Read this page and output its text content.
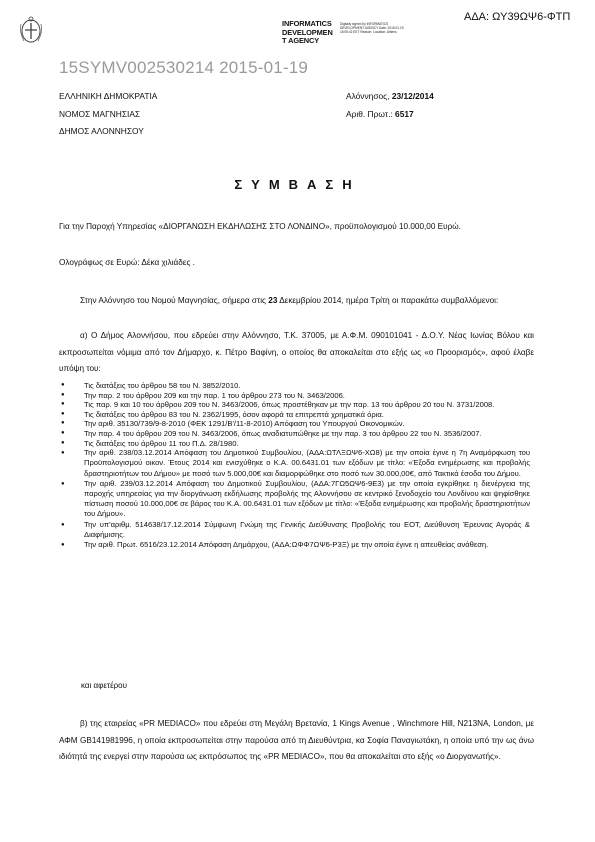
ΑΔΑ: ΩΥ39ΩΨ6-ΦΤΠ
INFORMATICS
DEVELOPMEN
T AGENCY
Digitally signed by INFORMATICS DEVELOPMENT AGENCY Date: 2015.01.19 16:05:42 EET Reason: Location: Athens
15SYMV002530214 2015-01-19
ΕΛΛΗΝΙΚΗ ΔΗΜΟΚΡΑΤΙΑ
ΝΟΜΟΣ ΜΑΓΝΗΣΙΑΣ
ΔΗΜΟΣ ΑΛΟΝΝΗΣΟΥ
Αλόννησος, 23/12/2014
Αριθ. Πρωτ.: 6517
ΣΥΜΒΑΣΗ
Για την Παροχή Υπηρεσίας «ΔΙΟΡΓΑΝΩΣΗ ΕΚΔΗΛΩΣΗΣ ΣΤΟ ΛΟΝΔΙΝΟ», προϋπολογισμού 10.000,00 Ευρώ.
Ολογράφως σε Ευρώ: Δέκα χιλιάδες .
Στην Αλόννησο του Νομού Μαγνησίας, σήμερα στις 23 Δεκεμβρίου 2014, ημέρα Τρίτη οι παρακάτω συμβαλλόμενοι:
α) Ο Δήμος Αλοννήσου, που εδρεύει στην Αλόννησο, Τ.Κ. 37005, με Α.Φ.Μ. 090101041 - Δ.Ο.Υ. Νέας Ιωνίας Βόλου και εκπροσωπείται νόμιμα από τον Δήμαρχο, κ. Πέτρο Βαφίνη, ο οποίος θα αποκαλείται στο εξής ως «ο Προορισμός», αφού έλαβε υπόψη του:
● Τις διατάξεις του άρθρου 58 του Ν. 3852/2010.
● Την παρ. 2 του άρθρου 209 και την παρ. 1 του άρθρου 273 του Ν. 3463/2006.
● Τις παρ. 9 και 10 του άρθρου 209 του Ν. 3463/2006, όπως προστέθηκαν με την παρ. 13 του άρθρου 20 του Ν. 3731/2008.
● Τις διατάξεις του άρθρου 83 του Ν. 2362/1995, όσον αφορά τα επιτρεπτά χρηματικά όρια.
● Την αριθ. 35130/739/9-8-2010 (ΦΕΚ 1291/Β'/11-8-2010) Απόφαση του Υπουργού Οικονομικών.
● Την παρ. 4 του άρθρου 209 του Ν. 3463/2006, όπως αναδιατυπώθηκε με την παρ. 3 του άρθρου 22 του Ν. 3536/2007.
● Τις διατάξεις του άρθρου 11 του Π.Δ. 28/1980.
● Την αριθ. 238/03.12.2014 Απόφαση του Δημοτικού Συμβουλίου, (ΑΔΑ:ΩΤΛΞΩΨ6-ΧΩ8) με την οποία έγινε η 7η Αναμόρφωση του Προϋπολογισμού οικον. Έτους 2014 και ενισχύθηκε ο Κ.Α. 00.6431.01 των εξόδων με τίτλο: «Έξοδα ενημέρωσης και προβολής δραστηριοτήτων του Δήμου» με ποσό των 5.000,00€ και διαμορφώθηκε στο ποσό των 30.000,00€, από Τακτικά έσοδα του Δήμου.
● Την αριθ. 239/03.12.2014 Απόφαση του Δημοτικού Συμβουλίου, (ΑΔΑ:7ΓΩ5ΩΨ6-9Ε3) με την οποία εγκρίθηκε η διενέργεια της παροχής υπηρεσίας για την διοργάνωση εκδήλωσης προβολής της Αλοννήσου σε κεντρικό ξενοδοχείο του Λονδίνου και ψηφίσθηκε πίστωση ποσού 10.000,00€ σε βάρος του Κ.Α. 00.6431.01 των εξόδων με τίτλο: «Έξοδα ενημέρωσης και προβολής δραστηριοτήτων του Δήμου».
● Την υπ'αριθμ. 514638/17.12.2014 Σύμφωνη Γνώμη της Γενικής Διεύθυνσης Προβολής του ΕΟΤ, Διεύθυνση Έρευνας Αγοράς & Διαφήμισης.
● Την αριθ. Πρωτ. 6516/23.12.2014 Απόφαση Δημάρχου, (ΑΔΑ:ΩΦΦ7ΩΨ6-Ρ3Ξ) με την οποία έγινε η απευθείας ανάθεση.
και αφετέρου
β) της εταιρείας «PR MEDIACO» που εδρεύει στη Μεγάλη Βρετανία, 1 Kings Avenue , Winchmore Hill, N213NA, London, με ΑΦΜ GB141981996, η οποία εκπροσωπείται στην παρούσα από τη Διευθύντρια, κα Σοφία Παναγιωτάκη, η οποία υπό την ως άνω ιδιότητά της ενεργεί στην παρούσα ως εκπρόσωπος της «PR MEDIACO», που θα αποκαλείται στο εξής «ο Διοργανωτής».
